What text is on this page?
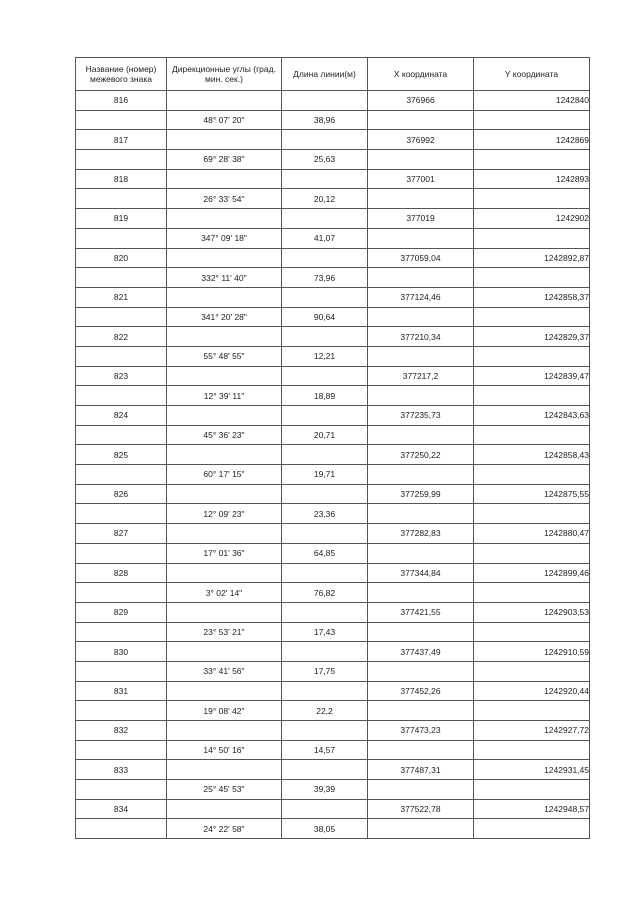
Название (номер) межевого знака	Дирекционные углы (град. мин. сек.)	Длина линии(м)	X координата	Y координата
816			376966	1242840
	48° 07' 20"	38,96		
817			376992	1242869
	69° 28' 38"	25,63		
818			377001	1242893
	26° 33' 54"	20,12		
819			377019	1242902
	347° 09' 18"	41,07		
820			377059,04	1242892,87
	332° 11' 40"	73,96		
821			377124,46	1242858,37
	341° 20' 28"	90,64		
822			377210,34	1242829,37
	55° 48' 55"	12,21		
823			377217,2	1242839,47
	12° 39' 11"	18,89		
824			377235,73	1242843,63
	45° 36' 23"	20,71		
825			377250,22	1242858,43
	60° 17' 15"	19,71		
826			377259,99	1242875,55
	12° 09' 23"	23,36		
827			377282,83	1242880,47
	17° 01' 36"	64,85		
828			377344,84	1242899,46
	3° 02' 14"	76,82		
829			377421,55	1242903,53
	23° 53' 21"	17,43		
830			377437,49	1242910,59
	33° 41' 56"	17,75		
831			377452,26	1242920,44
	19° 08' 42"	22,2		
832			377473,23	1242927,72
	14° 50' 16"	14,57		
833			377487,31	1242931,45
	25° 45' 53"	39,39		
834			377522,78	1242948,57
	24° 22' 58"	38,05		
